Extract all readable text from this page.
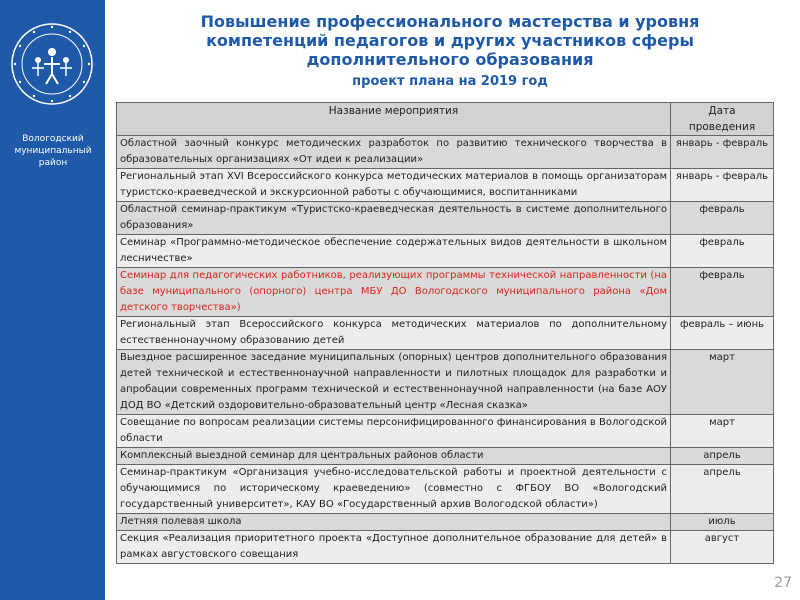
Вологодский муниципальный район
Повышение профессионального мастерства и уровня компетенций педагогов и других участников сферы дополнительного образования
проект плана на 2019 год
Название мероприятия	Дата проведения
Областной заочный конкурс методических разработок по развитию технического творчества в образовательных организациях «От идеи к реализации»	январь - февраль
Региональный этап XVI Всероссийского конкурса методических материалов в помощь организаторам туристско-краеведческой и экскурсионной работы с обучающимися, воспитанниками	январь - февраль
Областной семинар-практикум «Туристско-краеведческая деятельность в системе дополнительного образования»	февраль
Семинар «Программно-методическое обеспечение содержательных видов деятельности в школьном лесничестве»	февраль
Семинар для педагогических работников, реализующих программы технической направленности (на базе муниципального (опорного) центра МБУ ДО Вологодского муниципального района «Дом детского творчества»)	февраль
Региональный этап Всероссийского конкурса методических материалов по дополнительному естественнонаучному образованию детей	февраль – июнь
Выездное расширенное заседание муниципальных (опорных) центров дополнительного образования детей технической и естественнонаучной направленности и пилотных площадок для разработки и апробации современных программ технической и естественнонаучной направленности (на базе АОУ ДОД ВО «Детский оздоровительно-образовательный центр «Лесная сказка»	март
Совещание по вопросам реализации системы персонифицированного финансирования в Вологодской области	март
Комплексный выездной семинар для центральных районов области	апрель
Семинар-практикум «Организация учебно-исследовательской работы и проектной деятельности с обучающимися по историческому краеведению» (совместно с ФГБОУ ВО «Вологодский государственный университет», КАУ ВО «Государственный архив Вологодской области»)	апрель
Летняя полевая школа	июль
Секция «Реализация приоритетного проекта «Доступное дополнительное образование для детей» в рамках августовского совещания	август
27
